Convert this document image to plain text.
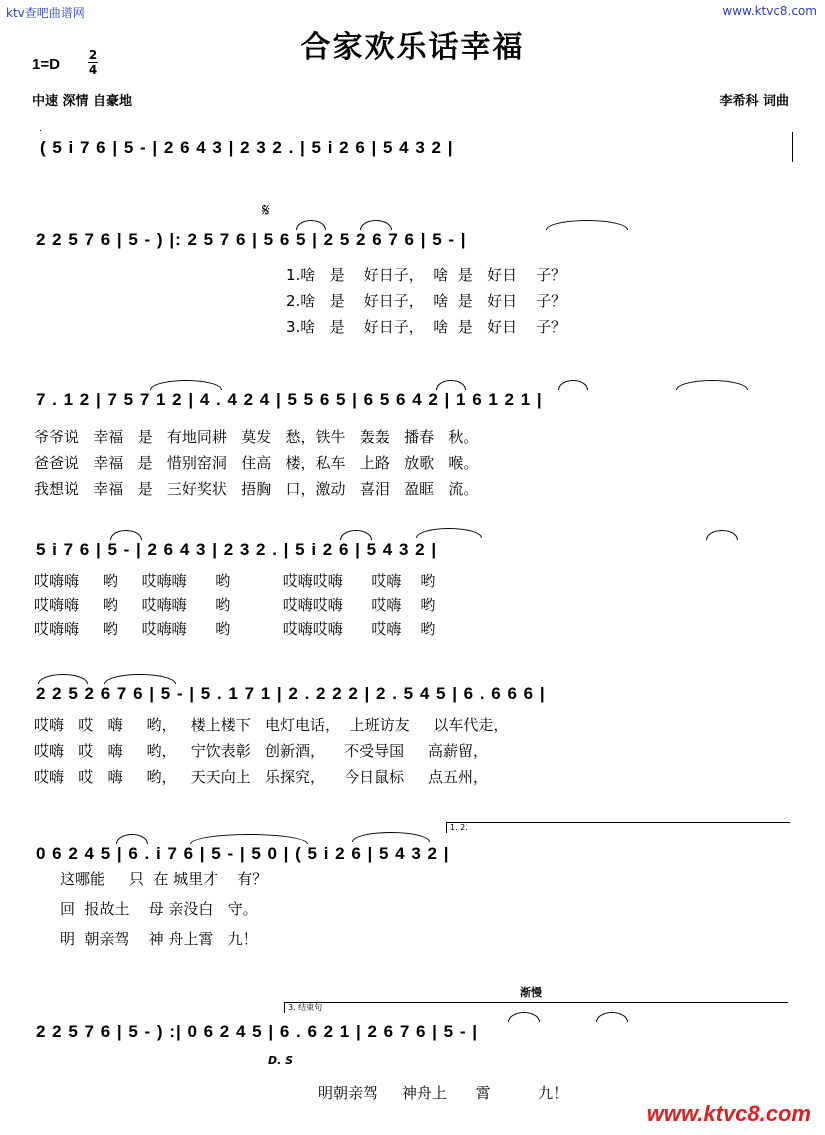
ktv查吧曲谱网	www.ktvc8.com
合家欢乐话幸福
1=D
2
4
中速 深情 自豪地	李希科 词曲
( 5 i 7 6 | 5 - | 2 6 4 3 | 2 3 2 . | 5 i 2 6 | 5 4 3 2 |
𝄋
2 2 5 7 6 | 5 - ) |: 2 5 7 6 | 5 6 5 | 2 5 2 6 7 6 | 5 - |
1.啥   是    好日子，  啥  是   好日    子？
2.啥   是    好日子，  啥  是   好日    子？
3.啥   是    好日子，  啥  是   好日    子？
7 . 1 2 | 7 5 7 1 2 | 4 . 4 2 4 | 5 5 6 5 | 6 5 6 4 2 | 1 6 1 2 1 |
爷爷说   幸福   是   有地同耕   莫发   愁，铁牛   轰轰   播春   秋。
爸爸说   幸福   是   惜别窑洞   住高   楼，私车   上路   放歌   喉。
我想说   幸福   是   三好奖状   捂胸   口，激动   喜泪   盈眶   流。
5 i 7 6 | 5 - | 2 6 4 3 | 2 3 2 . | 5 i 2 6 | 5 4 3 2 |
哎嗨嗨     哟     哎嗨嗨      哟           哎嗨哎嗨      哎嗨    哟
哎嗨嗨     哟     哎嗨嗨      哟           哎嗨哎嗨      哎嗨    哟
哎嗨嗨     哟     哎嗨嗨      哟           哎嗨哎嗨      哎嗨    哟
2 2 5 2 6 7 6 | 5 - | 5 . 1 7 1 | 2 . 2 2 2 | 2 . 5 4 5 | 6 . 6 6 6 |
哎嗨   哎   嗨     哟，   楼上楼下   电灯电话，  上班访友     以车代走，
哎嗨   哎   嗨     哟，   宁饮表彰   创新酒，    不受导国     高薪留，
哎嗨   哎   嗨     哟，   天天向上   乐探究，    今日鼠标     点五州，
1. 2.
0 6 2 4 5 | 6 . i 7 6 | 5 - | 5 0 | ( 5 i 2 6 | 5 4 3 2 |
这哪能     只  在 城里才    有？
回  报故土    母 亲没白   守。
明  朝亲驾    神 舟上霄   九！
渐慢
3. 结束句
2 2 5 7 6 | 5 - ) :| 0 6 2 4 5 | 6 . 6 2 1 | 2 6 7 6 | 5 - |
D. S
明朝亲驾     神舟上      霄          九！
www.ktvc8.com
